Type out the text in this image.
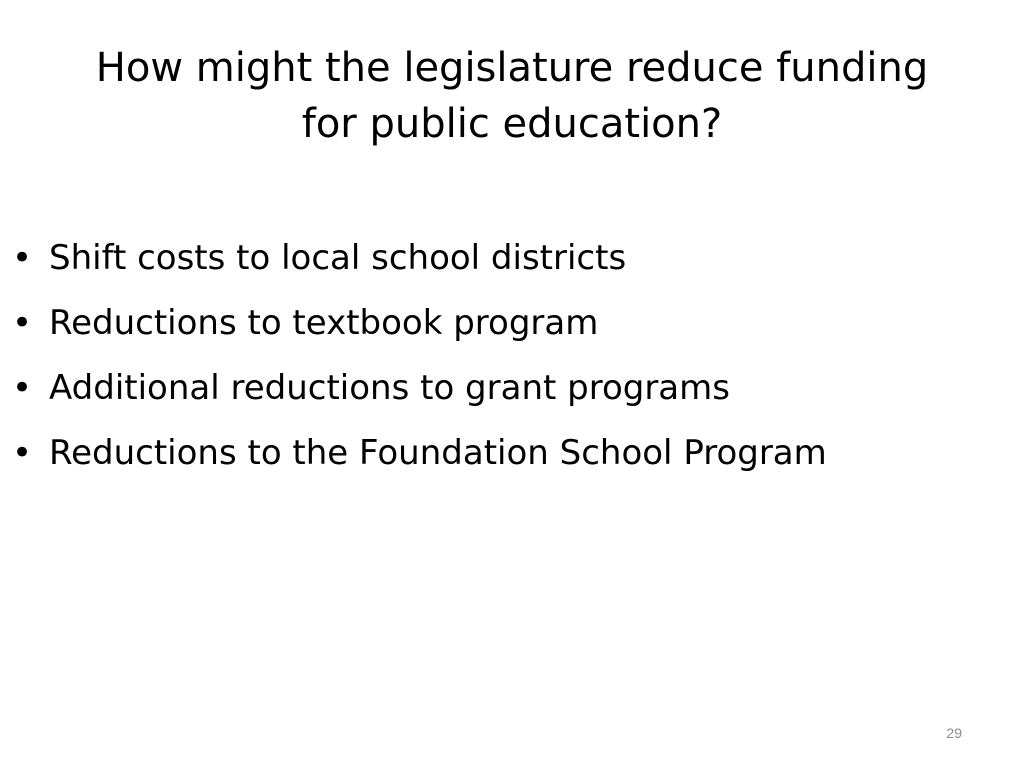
How might the legislature reduce funding
for public education?
• Shift costs to local school districts
• Reductions to textbook program
• Additional reductions to grant programs
• Reductions to the Foundation School Program
29
